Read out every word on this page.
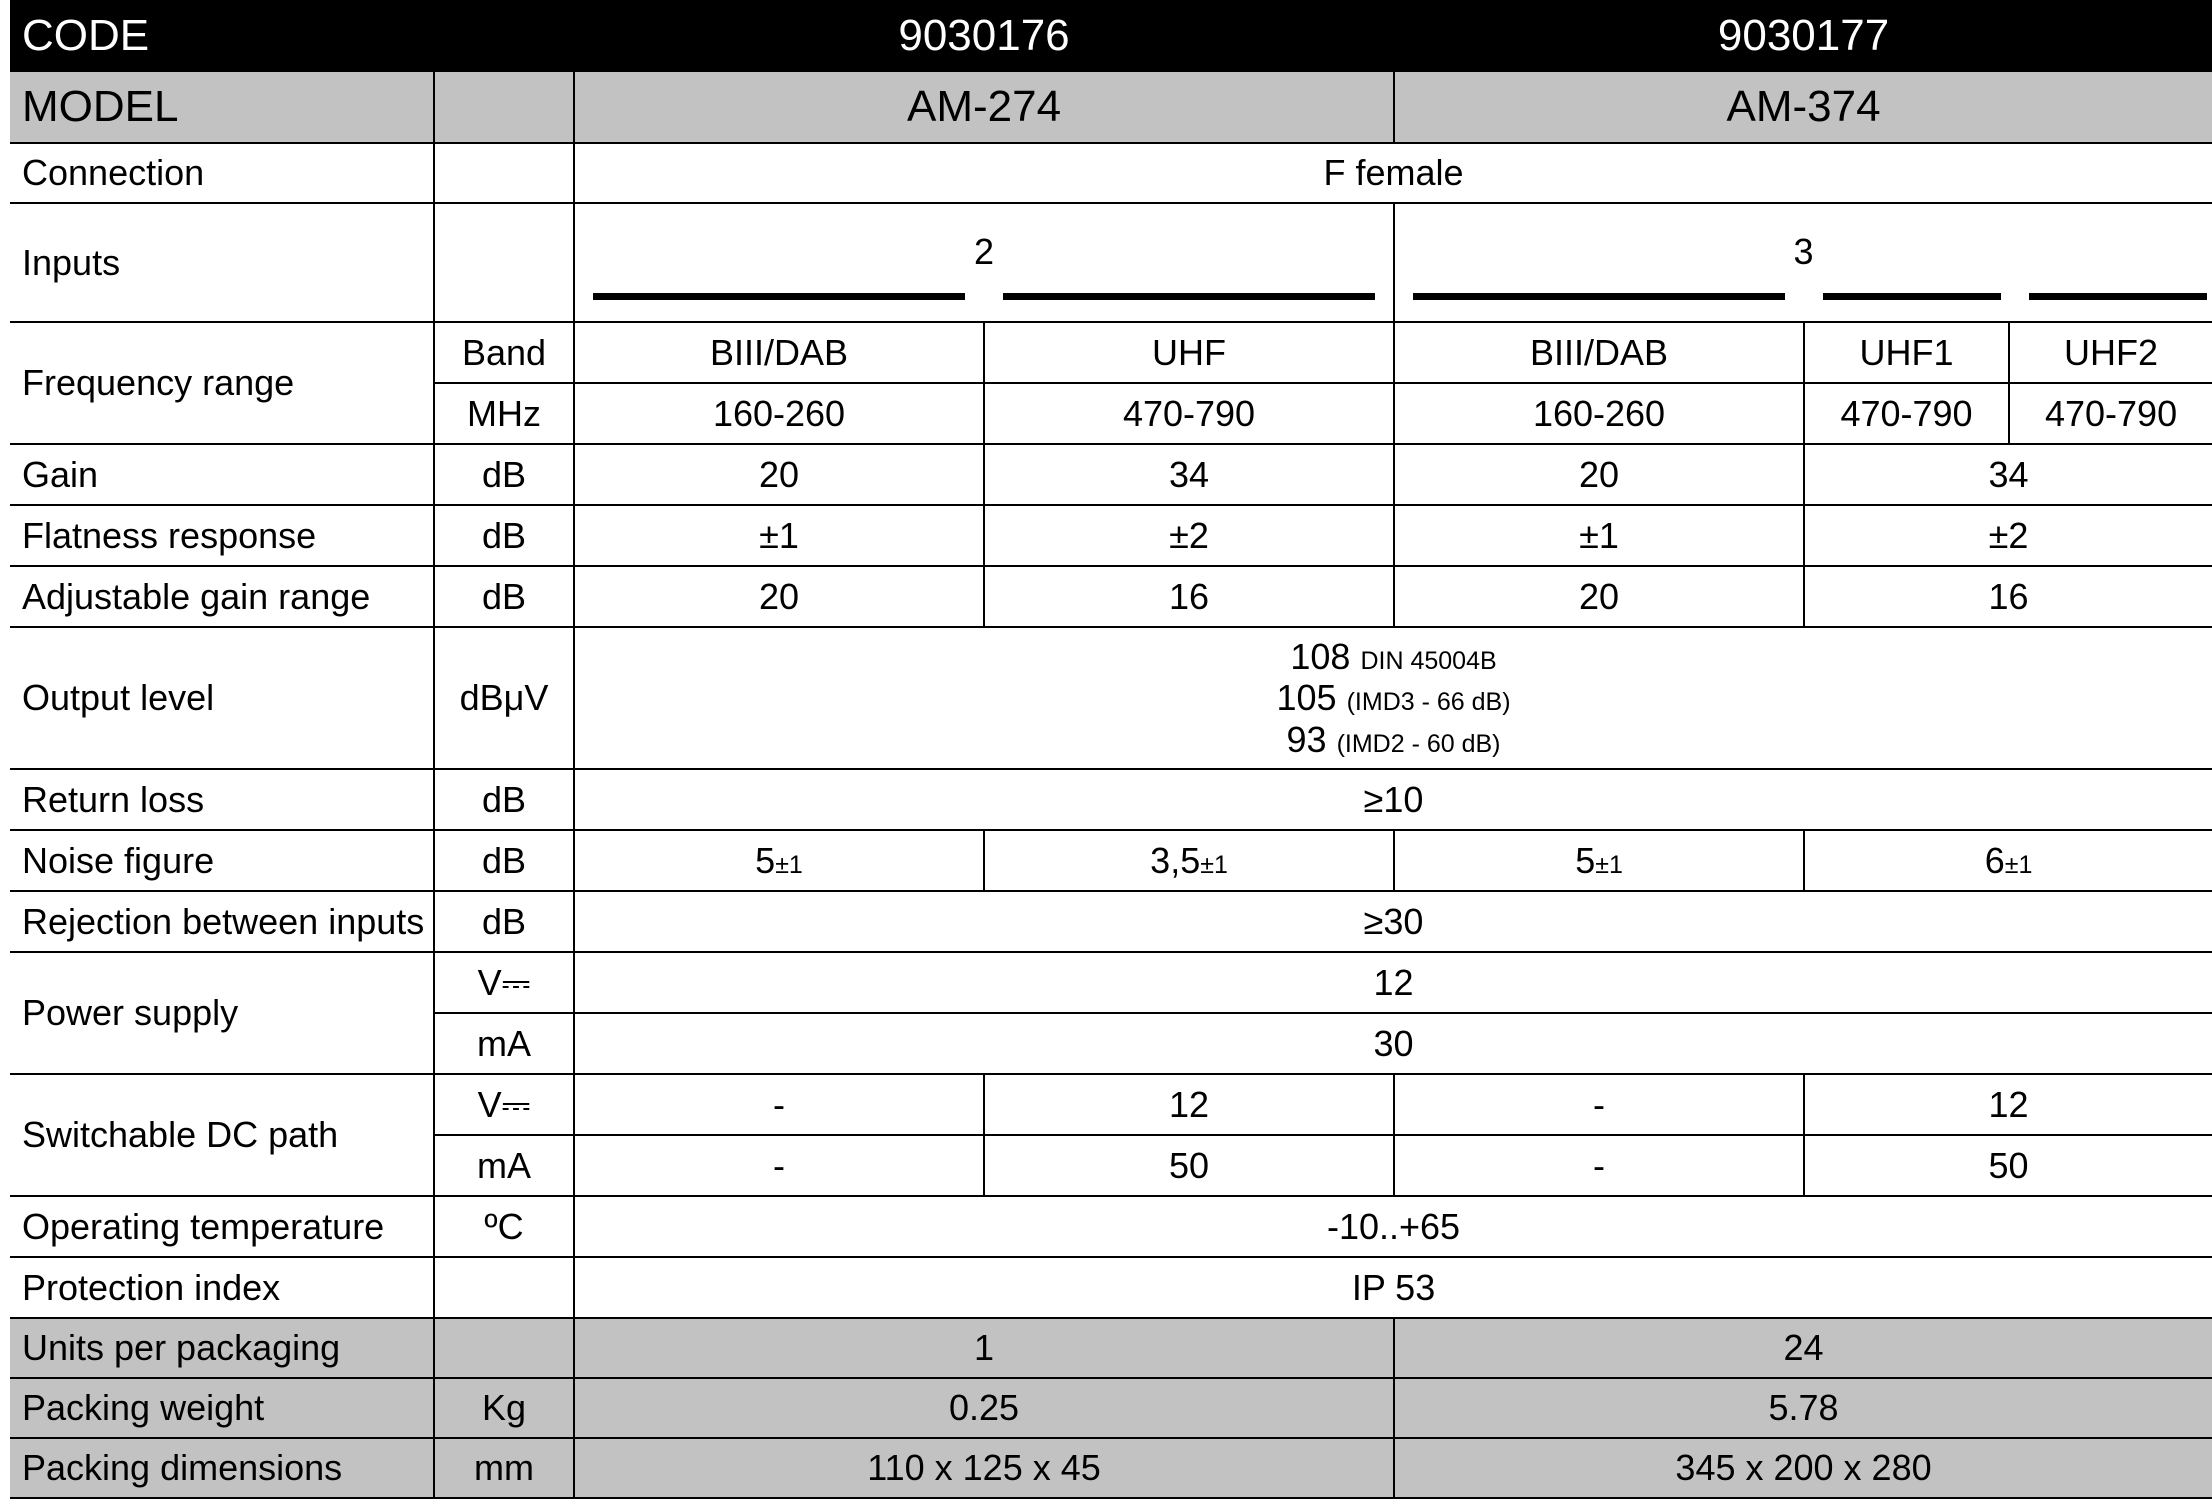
CODE		9030176		9030177		
MODEL		AM-274		AM-374		
Connection		F female				
Inputs		2		3		

Frequency range	Band	BIII/DAB	UHF	BIII/DAB	UHF1	UHF2
	MHz	160-260	470-790	160-260	470-790	470-790
Gain	dB	20	34	20	34	
Flatness response	dB	±1	±2	±1	±2	
Adjustable gain range	dB	20	16	20	16	
Output level	dBμV	108 DIN 45004B
105 (IMD3 - 66 dB)
93 (IMD2 - 60 dB)				

Return loss	dB	≥10				
Noise figure	dB	5±1	3,5±1	5±1	6±1	
Rejection between inputs	dB	≥30				
Power supply	V⎓	12				
	mA	30				
Switchable DC path	V⎓	-	12	-	12	
	mA	-	50	-	50	
Operating temperature	ºC	-10..+65				
Protection index		IP 53				
Units per packaging		1		24		
Packing weight	Kg	0.25		5.78		
Packing dimensions	mm	110 x 125 x 45		345 x 200 x 280		
